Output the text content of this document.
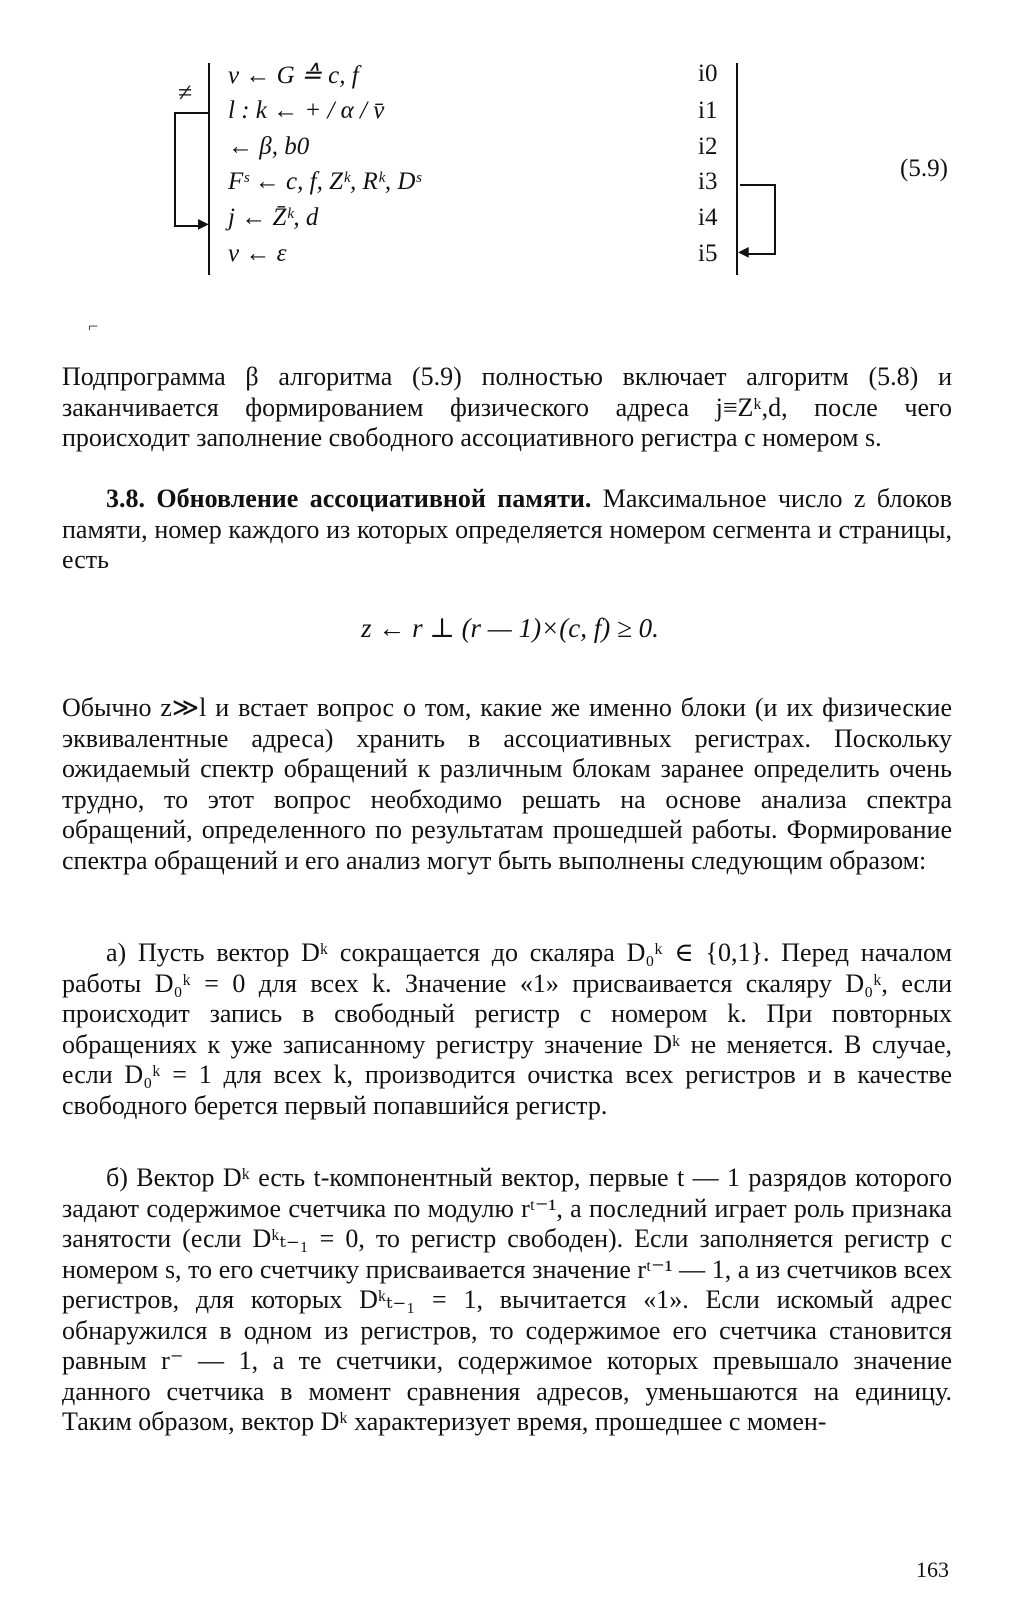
≠
▶
v ← G ≙ c, f
l : k ← + / α / v̄
← β, b0
Fˢ ← c, f, Zᵏ, Rᵏ, Dˢ
j ← Z̄ᵏ, d
v ← ε
i0
i1
i2
i3
i4
i5 ◀
(5.9)
⌐

Подпрограмма β алгоритма (5.9) полностью включает алгоритм (5.8) и заканчивается формированием физического адреса j≡Zᵏ,d, после чего происходит заполнение свободного ассоциативного регистра с номером s.

3.8. Обновление ассоциативной памяти. Максимальное число z блоков памяти, номер каждого из которых определяется номером сегмента и страницы, есть

z ← r ⊥ (r — 1)×(c, f) ≥ 0.

Обычно z≫l и встает вопрос о том, какие же именно блоки (и их физические эквивалентные адреса) хранить в ассоциативных регистрах. Поскольку ожидаемый спектр обращений к различным блокам заранее определить очень трудно, то этот вопрос необходимо решать на основе анализа спектра обращений, определенного по результатам прошедшей работы. Формирование спектра обращений и его анализ могут быть выполнены следующим образом:

а) Пусть вектор Dᵏ сокращается до скаляра D₀ᵏ ∈ {0,1}. Перед началом работы D₀ᵏ = 0 для всех k. Значение «1» присваивается скаляру D₀ᵏ, если происходит запись в свободный регистр с номером k. При повторных обращениях к уже записанному регистру значение Dᵏ не меняется. В случае, если D₀ᵏ = 1 для всех k, производится очистка всех регистров и в качестве свободного берется первый попавшийся регистр.

б) Вектор Dᵏ есть t-компонентный вектор, первые t — 1 разрядов которого задают содержимое счетчика по модулю rᵗ⁻¹, а последний играет роль признака занятости (если Dᵏₜ₋₁ = 0, то регистр свободен). Если заполняется регистр с номером s, то его счетчику присваивается значение rᵗ⁻¹ — 1, а из счетчиков всех регистров, для которых Dᵏₜ₋₁ = 1, вычитается «1». Если искомый адрес обнаружился в одном из регистров, то содержимое его счетчика становится равным r⁻ — 1, а те счетчики, содержимое которых превышало значение данного счетчика в момент сравнения адресов, уменьшаются на единицу. Таким образом, вектор Dᵏ характеризует время, прошедшее с момен-

163
